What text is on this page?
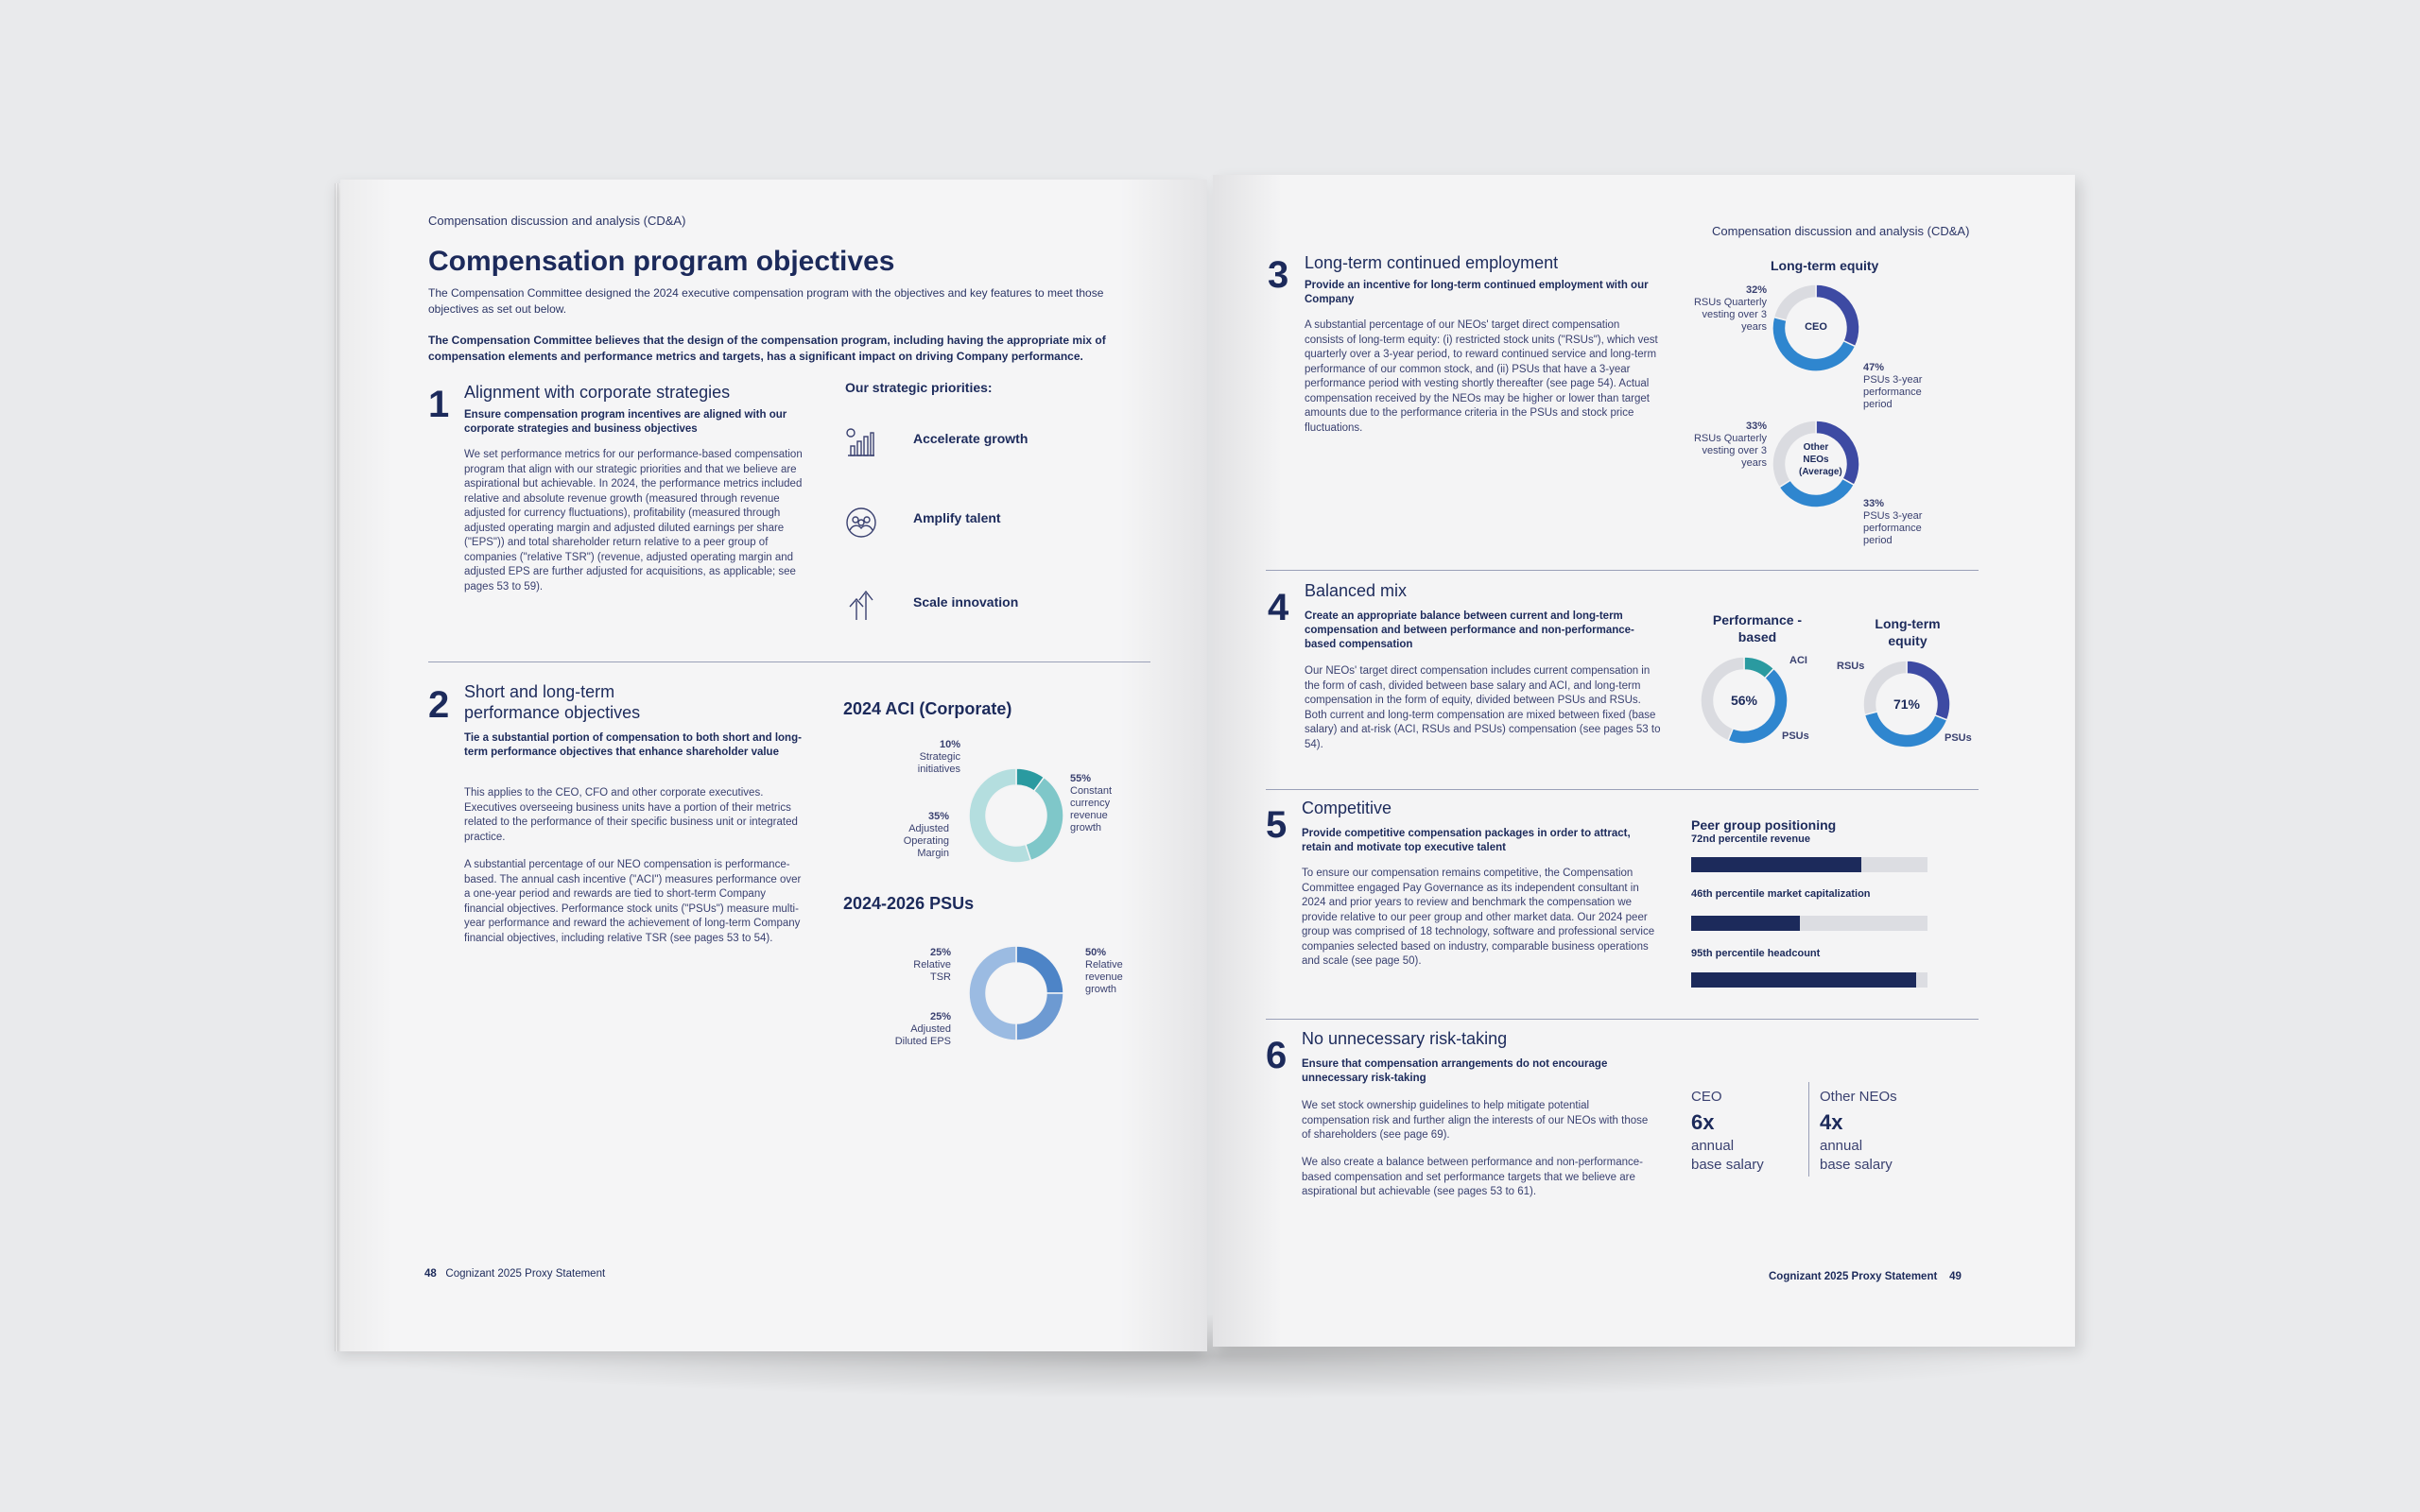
Compensation discussion and analysis (CD&A)
Compensation program objectives
The Compensation Committee designed the 2024 executive compensation program with the objectives and key features to meet those objectives as set out below.
The Compensation Committee believes that the design of the compensation program, including having the appropriate mix of compensation elements and performance metrics and targets, has a significant impact on driving Company performance.
1 Alignment with corporate strategies
Ensure compensation program incentives are aligned with our corporate strategies and business objectives
We set performance metrics for our performance-based compensation program that align with our strategic priorities and that we believe are aspirational but achievable. In 2024, the performance metrics included relative and absolute revenue growth (measured through revenue adjusted for currency fluctuations), profitability (measured through adjusted operating margin and adjusted diluted earnings per share ("EPS")) and total shareholder return relative to a peer group of companies ("relative TSR") (revenue, adjusted operating margin and adjusted EPS are further adjusted for acquisitions, as applicable; see pages 53 to 59).
Our strategic priorities:
Accelerate growth
Amplify talent
Scale innovation
2 Short and long-term
performance objectives
Tie a substantial portion of compensation to both short and long-term performance objectives that enhance shareholder value
This applies to the CEO, CFO and other corporate executives. Executives overseeing business units have a portion of their metrics related to the performance of their specific business unit or integrated practice.
A substantial percentage of our NEO compensation is performance-based. The annual cash incentive ("ACI") measures performance over a one-year period and rewards are tied to short-term Company financial objectives. Performance stock units ("PSUs") measure multi-year performance and reward the achievement of long-term Company financial objectives, including relative TSR (see pages 53 to 54).
2024 ACI (Corporate)
10%
Strategic initiatives
35%
Adjusted Operating Margin
55%
Constant currency revenue growth
2024-2026 PSUs
25%
Relative TSR
25%
Adjusted Diluted EPS
50%
Relative revenue growth
48 Cognizant 2025 Proxy Statement
Compensation discussion and analysis (CD&A)
3 Long-term continued employment
Provide an incentive for long-term continued employment with our Company
A substantial percentage of our NEOs' target direct compensation consists of long-term equity: (i) restricted stock units ("RSUs"), which vest quarterly over a 3-year period, to reward continued service and long-term performance of our common stock, and (ii) PSUs that have a 3-year performance period with vesting shortly thereafter (see page 54). Actual compensation received by the NEOs may be higher or lower than target amounts due to the performance criteria in the PSUs and stock price fluctuations.
Long-term equity
CEO
32%
RSUs Quarterly vesting over 3 years
47%
PSUs 3-year performance period
Other NEOs (Average)
33%
RSUs Quarterly vesting over 3 years
33%
PSUs 3-year performance period
4 Balanced mix
Create an appropriate balance between current and long-term compensation and between performance and non-performance-based compensation
Our NEOs' target direct compensation includes current compensation in the form of cash, divided between base salary and ACI, and long-term compensation in the form of equity, divided between PSUs and RSUs. Both current and long-term compensation are mixed between fixed (base salary) and at-risk (ACI, RSUs and PSUs) compensation (see pages 53 to 54).
Performance -based
56%
ACI
PSUs
Long-term equity
71%
RSUs
PSUs
5 Competitive
Provide competitive compensation packages in order to attract, retain and motivate top executive talent
To ensure our compensation remains competitive, the Compensation Committee engaged Pay Governance as its independent consultant in 2024 and prior years to review and benchmark the compensation we provide relative to our peer group and other market data. Our 2024 peer group was comprised of 18 technology, software and professional service companies selected based on industry, comparable business operations and scale (see page 50).
Peer group positioning
72nd percentile revenue
46th percentile market capitalization
95th percentile headcount
6 No unnecessary risk-taking
Ensure that compensation arrangements do not encourage unnecessary risk-taking
We set stock ownership guidelines to help mitigate potential compensation risk and further align the interests of our NEOs with those of shareholders (see page 69).
We also create a balance between performance and non-performance-based compensation and set performance targets that we believe are aspirational but achievable (see pages 53 to 61).
CEO
6x
annual
base salary
Other NEOs
4x
annual
base salary
Cognizant 2025 Proxy Statement 49
